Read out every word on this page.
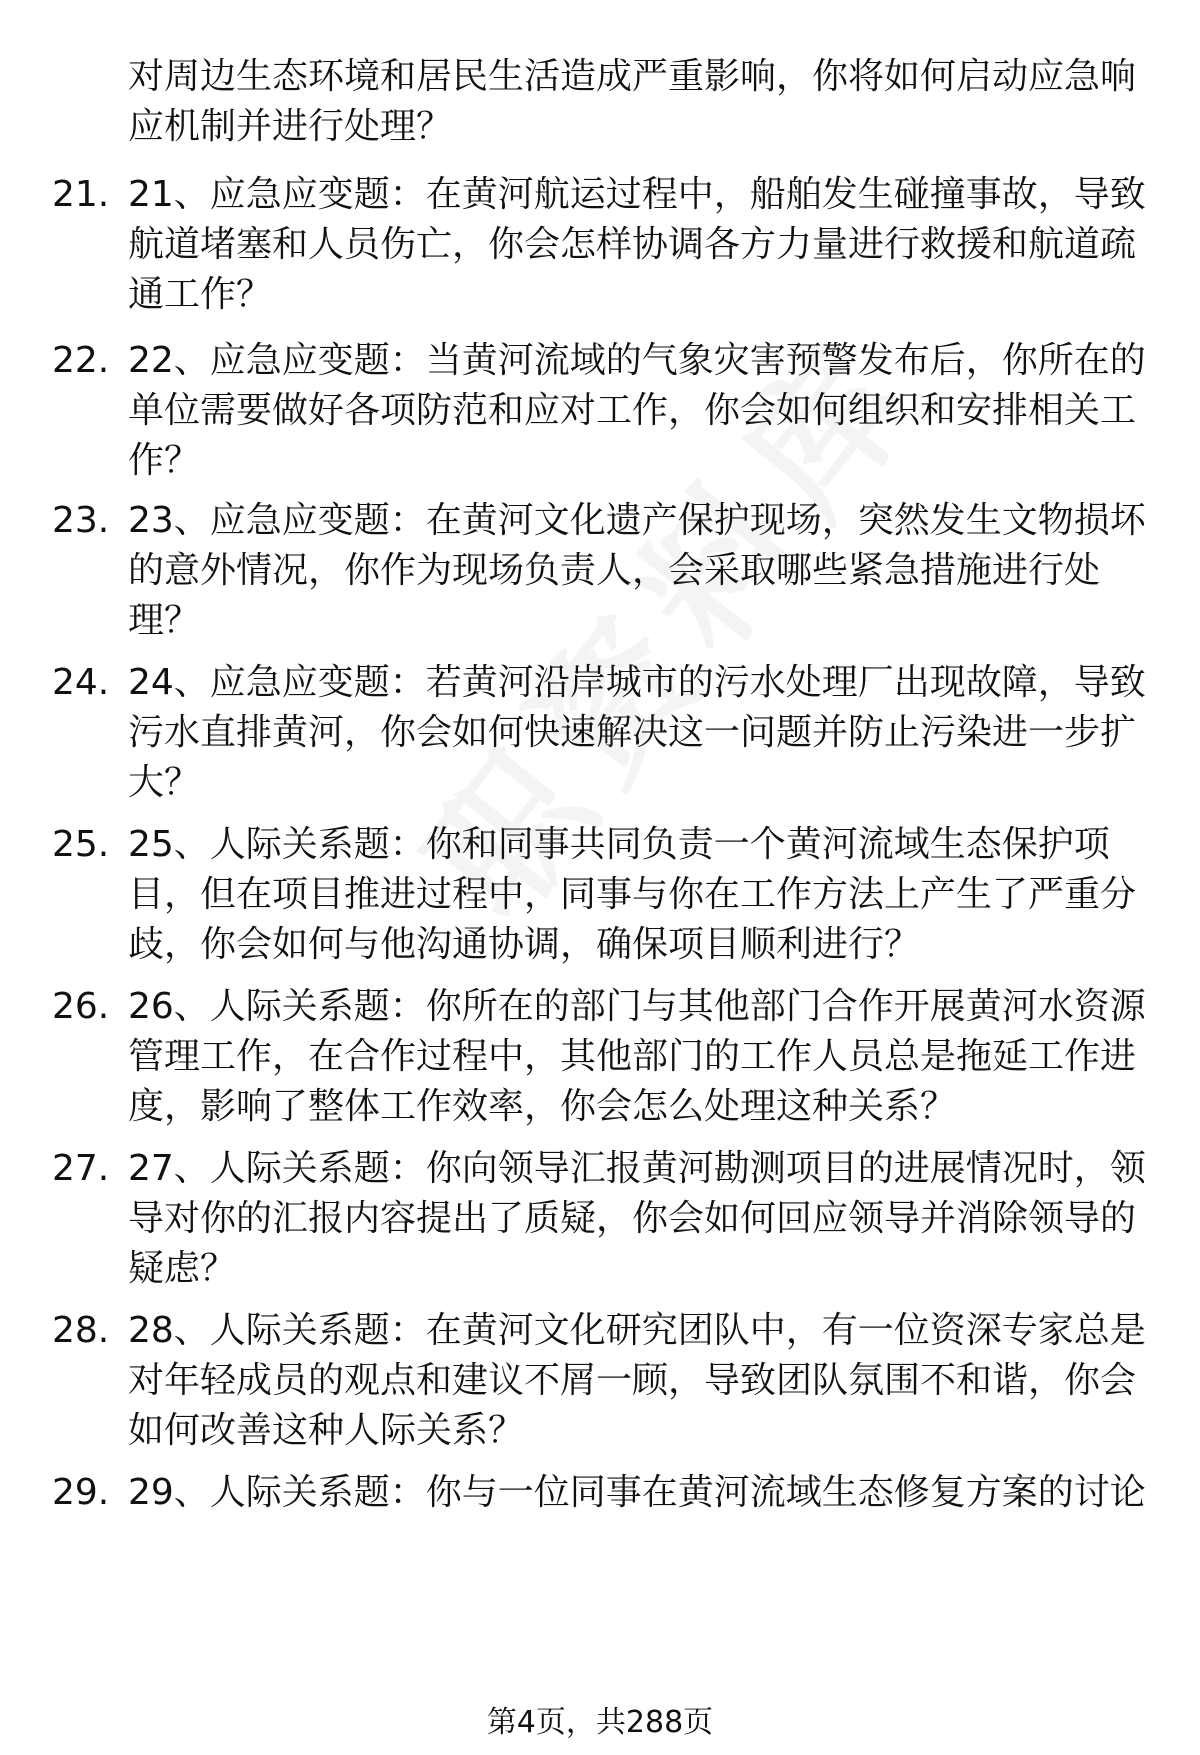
对周边生态环境和居民生活造成严重影响，你将如何启动应急响
应机制并进行处理？
21. 21、应急应变题：在黄河航运过程中，船舶发生碰撞事故，导致
航道堵塞和人员伤亡，你会怎样协调各方力量进行救援和航道疏
通工作？
22. 22、应急应变题：当黄河流域的气象灾害预警发布后，你所在的
单位需要做好各项防范和应对工作，你会如何组织和安排相关工
作？
23. 23、应急应变题：在黄河文化遗产保护现场，突然发生文物损坏
的意外情况，你作为现场负责人，会采取哪些紧急措施进行处
理？
24. 24、应急应变题：若黄河沿岸城市的污水处理厂出现故障，导致
污水直排黄河，你会如何快速解决这一问题并防止污染进一步扩
大？
25. 25、人际关系题：你和同事共同负责一个黄河流域生态保护项
目，但在项目推进过程中，同事与你在工作方法上产生了严重分
歧，你会如何与他沟通协调，确保项目顺利进行？
26. 26、人际关系题：你所在的部门与其他部门合作开展黄河水资源
管理工作，在合作过程中，其他部门的工作人员总是拖延工作进
度，影响了整体工作效率，你会怎么处理这种关系？
27. 27、人际关系题：你向领导汇报黄河勘测项目的进展情况时，领
导对你的汇报内容提出了质疑，你会如何回应领导并消除领导的
疑虑？
28. 28、人际关系题：在黄河文化研究团队中，有一位资深专家总是
对年轻成员的观点和建议不屑一顾，导致团队氛围不和谐，你会
如何改善这种人际关系？
29. 29、人际关系题：你与一位同事在黄河流域生态修复方案的讨论
第4页，共288页
